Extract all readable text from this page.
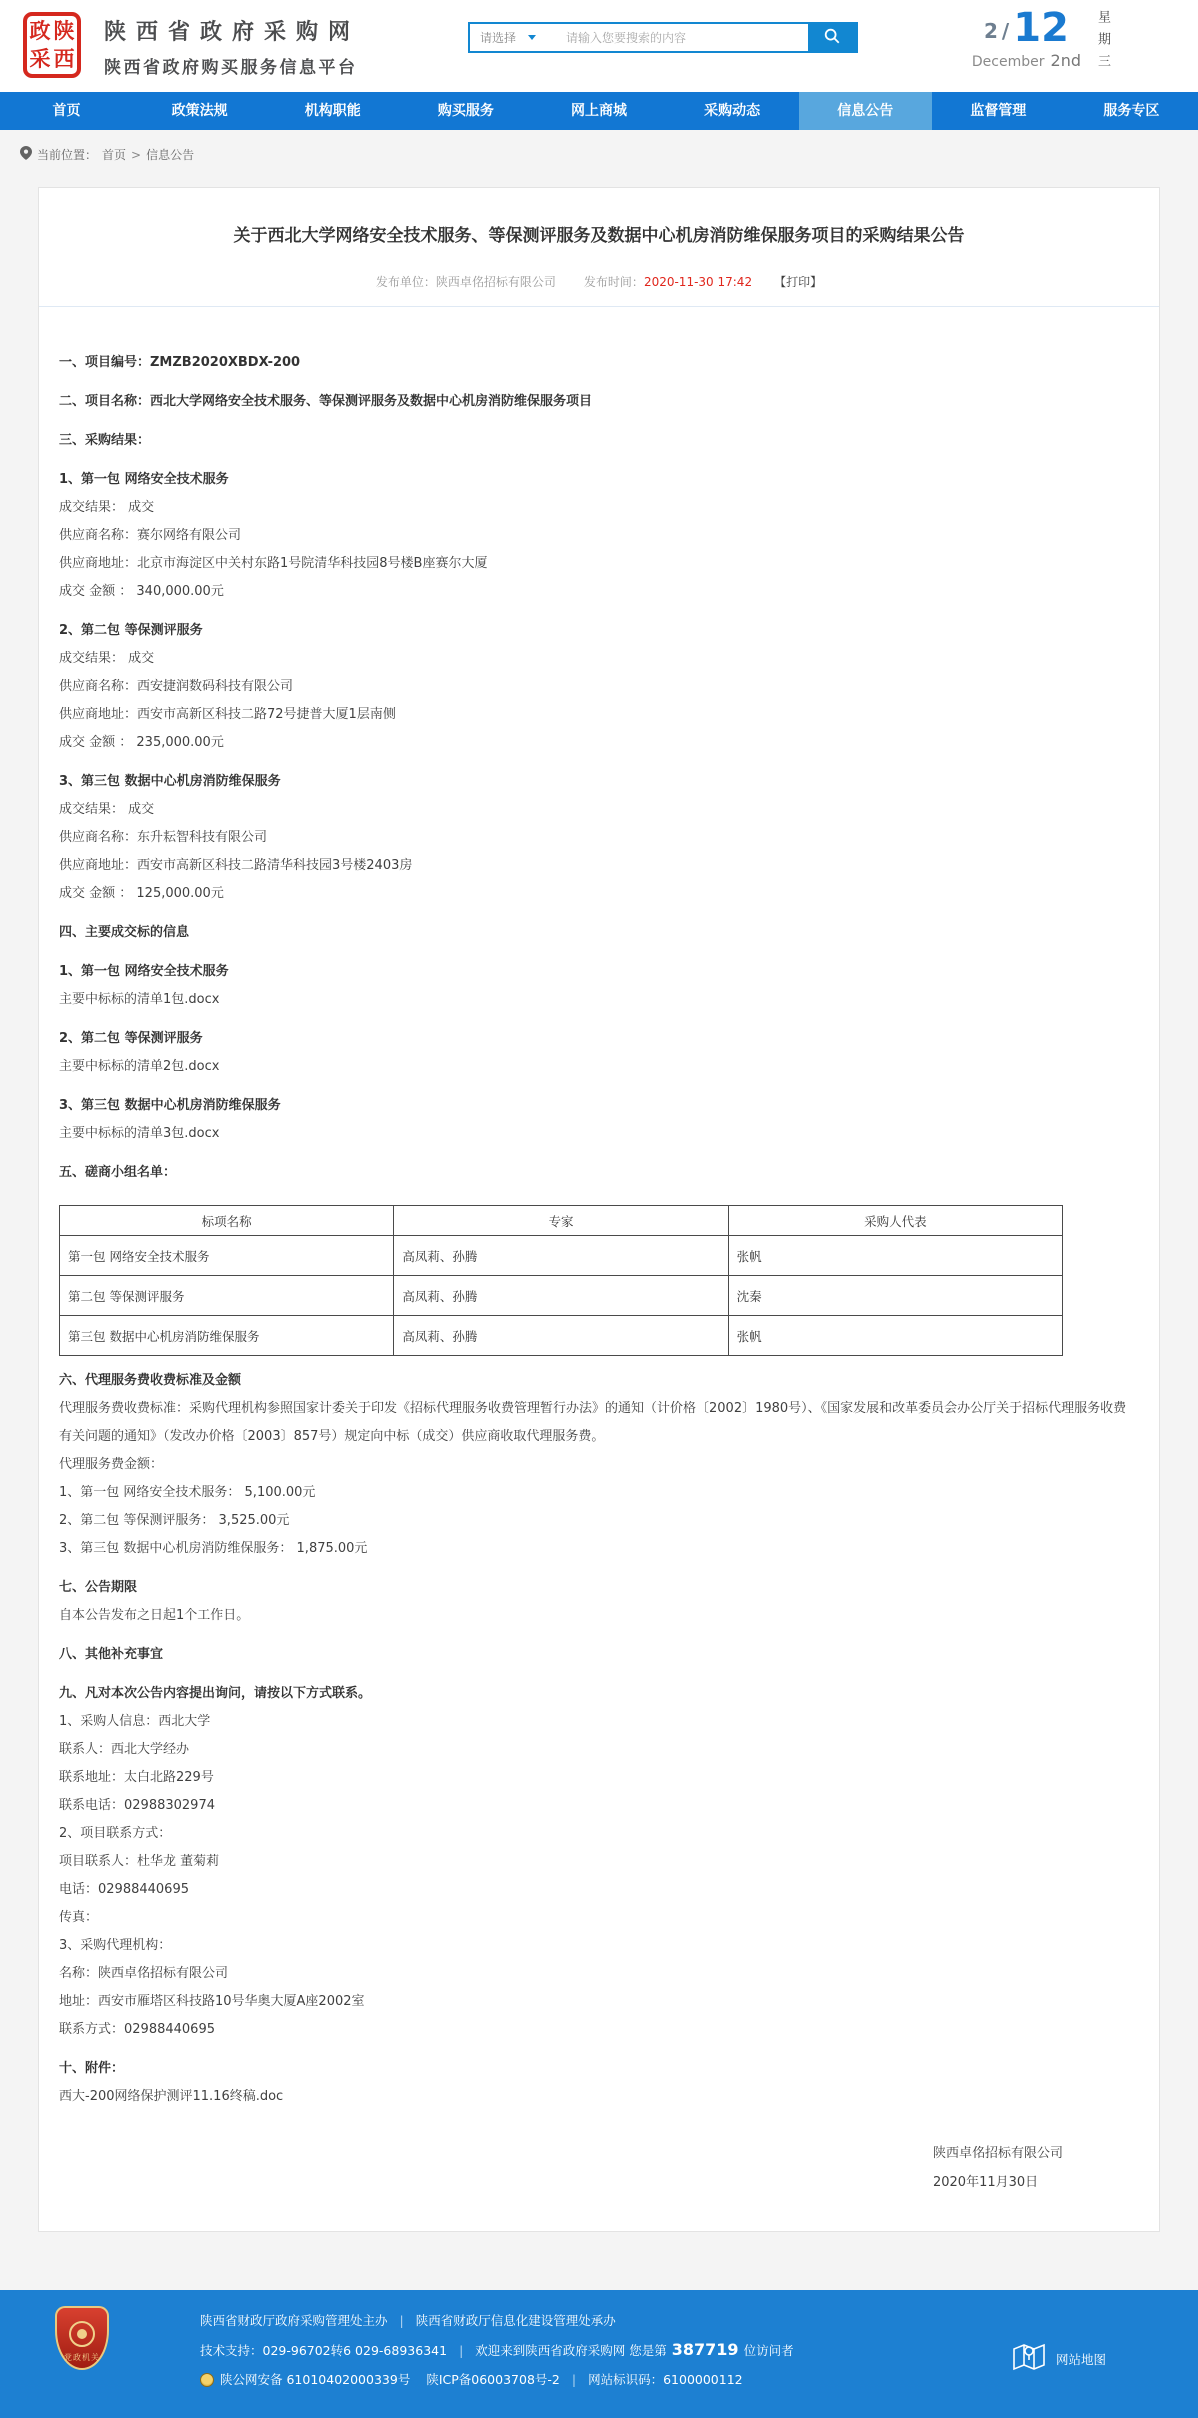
政 陕
采 西
陕西省政府采购网
陕西省政府购买服务信息平台
请选择
请输入您要搜索的内容	2 / 12
December 2nd 星期三
首页	政策法规	机构职能	购买服务	网上商城	采购动态	信息公告	监督管理	服务专区
当前位置： 首页 > 信息公告
关于西北大学网络安全技术服务、等保测评服务及数据中心机房消防维保服务项目的采购结果公告
发布单位：陕西卓佲招标有限公司 发布时间：2020-11-30 17:42 【打印】
一、项目编号：ZMZB2020XBDX-200
二、项目名称：西北大学网络安全技术服务、等保测评服务及数据中心机房消防维保服务项目
三、采购结果：
1、第一包 网络安全技术服务
成交结果： 成交
供应商名称：赛尔网络有限公司
供应商地址：北京市海淀区中关村东路1号院清华科技园8号楼B座赛尔大厦
成交 金额 ： 340,000.00元
2、第二包 等保测评服务
成交结果： 成交
供应商名称：西安捷润数码科技有限公司
供应商地址：西安市高新区科技二路72号捷普大厦1层南侧
成交 金额 ： 235,000.00元
3、第三包 数据中心机房消防维保服务
成交结果： 成交
供应商名称：东升耘智科技有限公司
供应商地址：西安市高新区科技二路清华科技园3号楼2403房
成交 金额 ： 125,000.00元
四、主要成交标的信息
1、第一包 网络安全技术服务
主要中标标的清单1包.docx
2、第二包 等保测评服务
主要中标标的清单2包.docx
3、第三包 数据中心机房消防维保服务
主要中标标的清单3包.docx
五、磋商小组名单：
标项名称	专家	采购人代表
第一包 网络安全技术服务	高凤莉、孙腾	张帆
第二包 等保测评服务	高凤莉、孙腾	沈秦
第三包 数据中心机房消防维保服务	高凤莉、孙腾	张帆
六、代理服务费收费标准及金额
代理服务费收费标准：采购代理机构参照国家计委关于印发《招标代理服务收费管理暂行办法》的通知（计价格〔2002〕1980号）、《国家发展和改革委员会办公厅关于招标代理服务收费有关问题的通知》（发改办价格〔2003〕857号）规定向中标（成交）供应商收取代理服务费。
代理服务费金额：
1、第一包 网络安全技术服务： 5,100.00元
2、第二包 等保测评服务： 3,525.00元
3、第三包 数据中心机房消防维保服务： 1,875.00元
七、公告期限
自本公告发布之日起1个工作日。
八、其他补充事宜
九、凡对本次公告内容提出询问，请按以下方式联系。
1、采购人信息：西北大学
联系人：西北大学经办
联系地址：太白北路229号
联系电话：02988302974
2、项目联系方式：
项目联系人：杜华龙 董菊莉
电话：02988440695
传真：
3、采购代理机构：
名称：陕西卓佲招标有限公司
地址：西安市雁塔区科技路10号华奥大厦A座2002室
联系方式：02988440695
十、附件：
西大-200网络保护测评11.16终稿.doc
陕西卓佲招标有限公司
2020年11月30日
党政机关
陕西省财政厅政府采购管理处主办 | 陕西省财政厅信息化建设管理处承办
技术支持：029-96702转6 029-68936341 | 欢迎来到陕西省政府采购网 您是第 387719 位访问者
陕公网安备 61010402000339号 陕ICP备06003708号-2 | 网站标识码：6100000112
网站地图
